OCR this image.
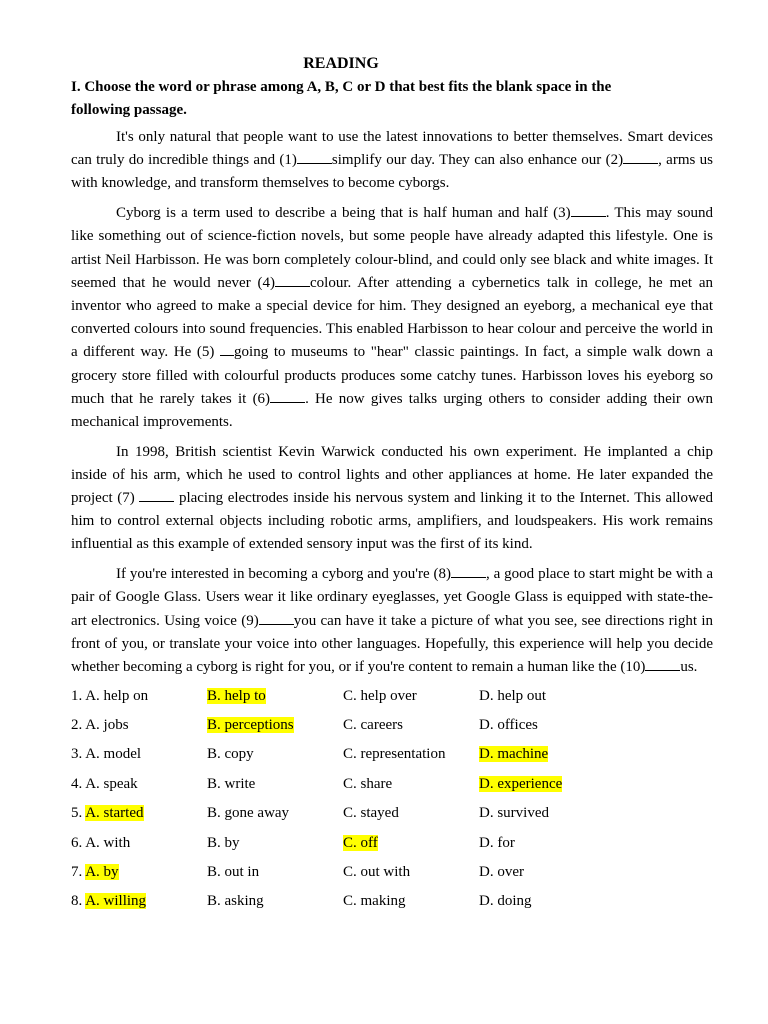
READING
I. Choose the word or phrase among A, B, C or D that best fits the blank space in the following passage.

It's only natural that people want to use the latest innovations to better themselves. Smart devices can truly do incredible things and (1) simplify our day. They can also enhance our (2) , arms us with knowledge, and transform themselves to become cyborgs.

Cyborg is a term used to describe a being that is half human and half (3) . This may sound like something out of science-fiction novels, but some people have already adapted this lifestyle. One is artist Neil Harbisson. He was born completely colour-blind, and could only see black and white images. It seemed that he would never (4) colour. After attending a cybernetics talk in college, he met an inventor who agreed to make a special device for him. They designed an eyeborg, a mechanical eye that converted colours into sound frequencies. This enabled Harbisson to hear colour and perceive the world in a different way. He (5) going to museums to "hear" classic paintings. In fact, a simple walk down a grocery store filled with colourful products produces some catchy tunes. Harbisson loves his eyeborg so much that he rarely takes it (6) . He now gives talks urging others to consider adding their own mechanical improvements.

In 1998, British scientist Kevin Warwick conducted his own experiment. He implanted a chip inside of his arm, which he used to control lights and other appliances at home. He later expanded the project (7)  placing electrodes inside his nervous system and linking it to the Internet. This allowed him to control external objects including robotic arms, amplifiers, and loudspeakers. His work remains influential as this example of extended sensory input was the first of its kind.

If you're interested in becoming a cyborg and you're (8) , a good place to start might be with a pair of Google Glass. Users wear it like ordinary eyeglasses, yet Google Glass is equipped with state-the-art electronics. Using voice (9) you can have it take a picture of what you see, see directions right in front of you, or translate your voice into other languages. Hopefully, this experience will help you decide whether becoming a cyborg is right for you, or if you're content to remain a human like the (10) us.

1. A. help on	B. help to	C. help over	D. help out
2. A. jobs	B. perceptions	C. careers	D. offices
3. A. model	B. copy	C. representation	D. machine
4. A. speak	B. write	C. share	D. experience
5. A. started	B. gone away	C. stayed	D. survived
6. A. with	B. by	C. off	D. for
7. A. by	B. out in	C. out with	D. over
8. A. willing	B. asking	C. making	D. doing
